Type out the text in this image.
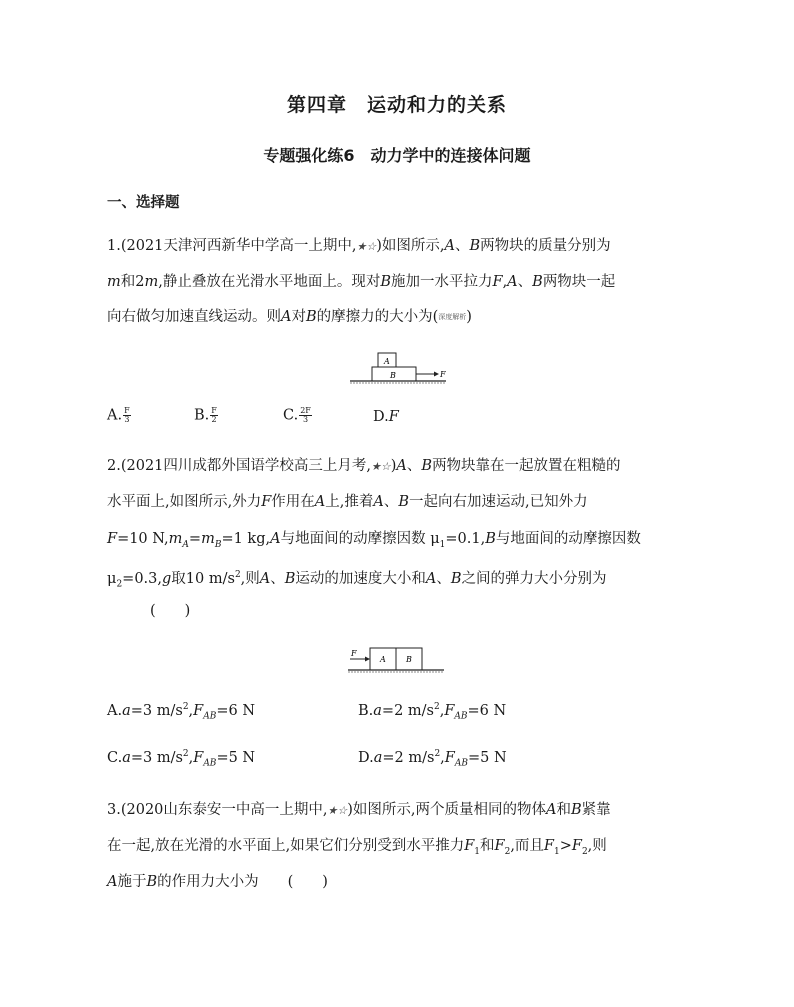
第四章　运动和力的关系
专题强化练6　动力学中的连接体问题
一、选择题
1.(2021天津河西新华中学高一上期中,★☆)如图所示,A、B两物块的质量分别为
m和2m,静止叠放在光滑水平地面上。现对B施加一水平拉力F,A、B两物块一起
向右做匀加速直线运动。则A对B的摩擦力的大小为(深度解析)
A
B	F
A. $\frac{F}{3}$	B. $\frac{F}{2}$	C. $\frac{2F}{3}$	D.F
2.(2021四川成都外国语学校高三上月考,★☆)A、B两物块靠在一起放置在粗糙的
水平面上,如图所示,外力F作用在A上,推着A、B一起向右加速运动,已知外力
F=10 $N,m_A=m_B=1$ kg,A与地面间的动摩擦因数 $\mu_1=0.1,B$与地面间的动摩擦因数
$\mu_2=0.3,g$取10 $m/s^2$,则A、B运动的加速度大小和A、B之间的弹力大小分别为
(　　)
F
A	B
A.a=3 $m/s^2,F_{AB}=6$ N	B.a=2 $m/s^2,F_{AB}=6$ N
C.a=3 $m/s^2,F_{AB}=5$ N	D.a=2 $m/s^2,F_{AB}=5$ N
3.(2020山东泰安一中高一上期中,★☆)如图所示,两个质量相同的物体A和B紧靠
在一起,放在光滑的水平面上,如果它们分别受到水平推力$F_1$和$F_2$,而且$F_1>F_2$,则
A施于B的作用力大小为　　(　　)
